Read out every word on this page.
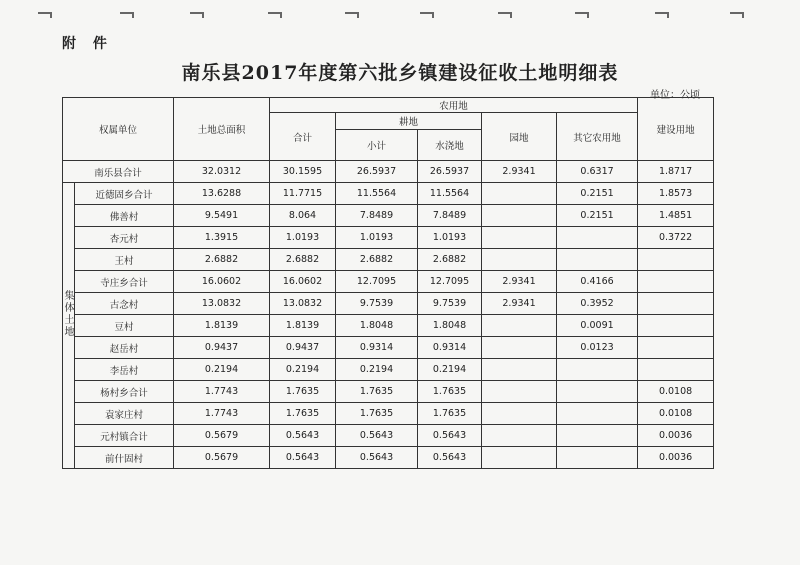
附 件
南乐县2017年度第六批乡镇建设征收土地明细表
单位：公顷
权属单位		土地总面积	农用地					建设用地
			合计	耕地		园地	其它农用地	
				小计	水浇地			
南乐县合计		32.0312	30.1595	26.5937	26.5937	2.9341	0.6317	1.8717
	近德固乡合计	13.6288	11.7715	11.5564	11.5564		0.2151	1.8573
	佛善村	9.5491	8.064	7.8489	7.8489		0.2151	1.4851
	杏元村	1.3915	1.0193	1.0193	1.0193			0.3722
	王村	2.6882	2.6882	2.6882	2.6882			
	寺庄乡合计	16.0602	16.0602	12.7095	12.7095	2.9341	0.4166	
	古念村	13.0832	13.0832	9.7539	9.7539	2.9341	0.3952	
	豆村	1.8139	1.8139	1.8048	1.8048		0.0091	
	赵岳村	0.9437	0.9437	0.9314	0.9314		0.0123	
	李岳村	0.2194	0.2194	0.2194	0.2194			
	杨村乡合计	1.7743	1.7635	1.7635	1.7635			0.0108
	袁家庄村	1.7743	1.7635	1.7635	1.7635			0.0108
	元村镇合计	0.5679	0.5643	0.5643	0.5643			0.0036
	前什固村	0.5679	0.5643	0.5643	0.5643			0.0036
集体土地
